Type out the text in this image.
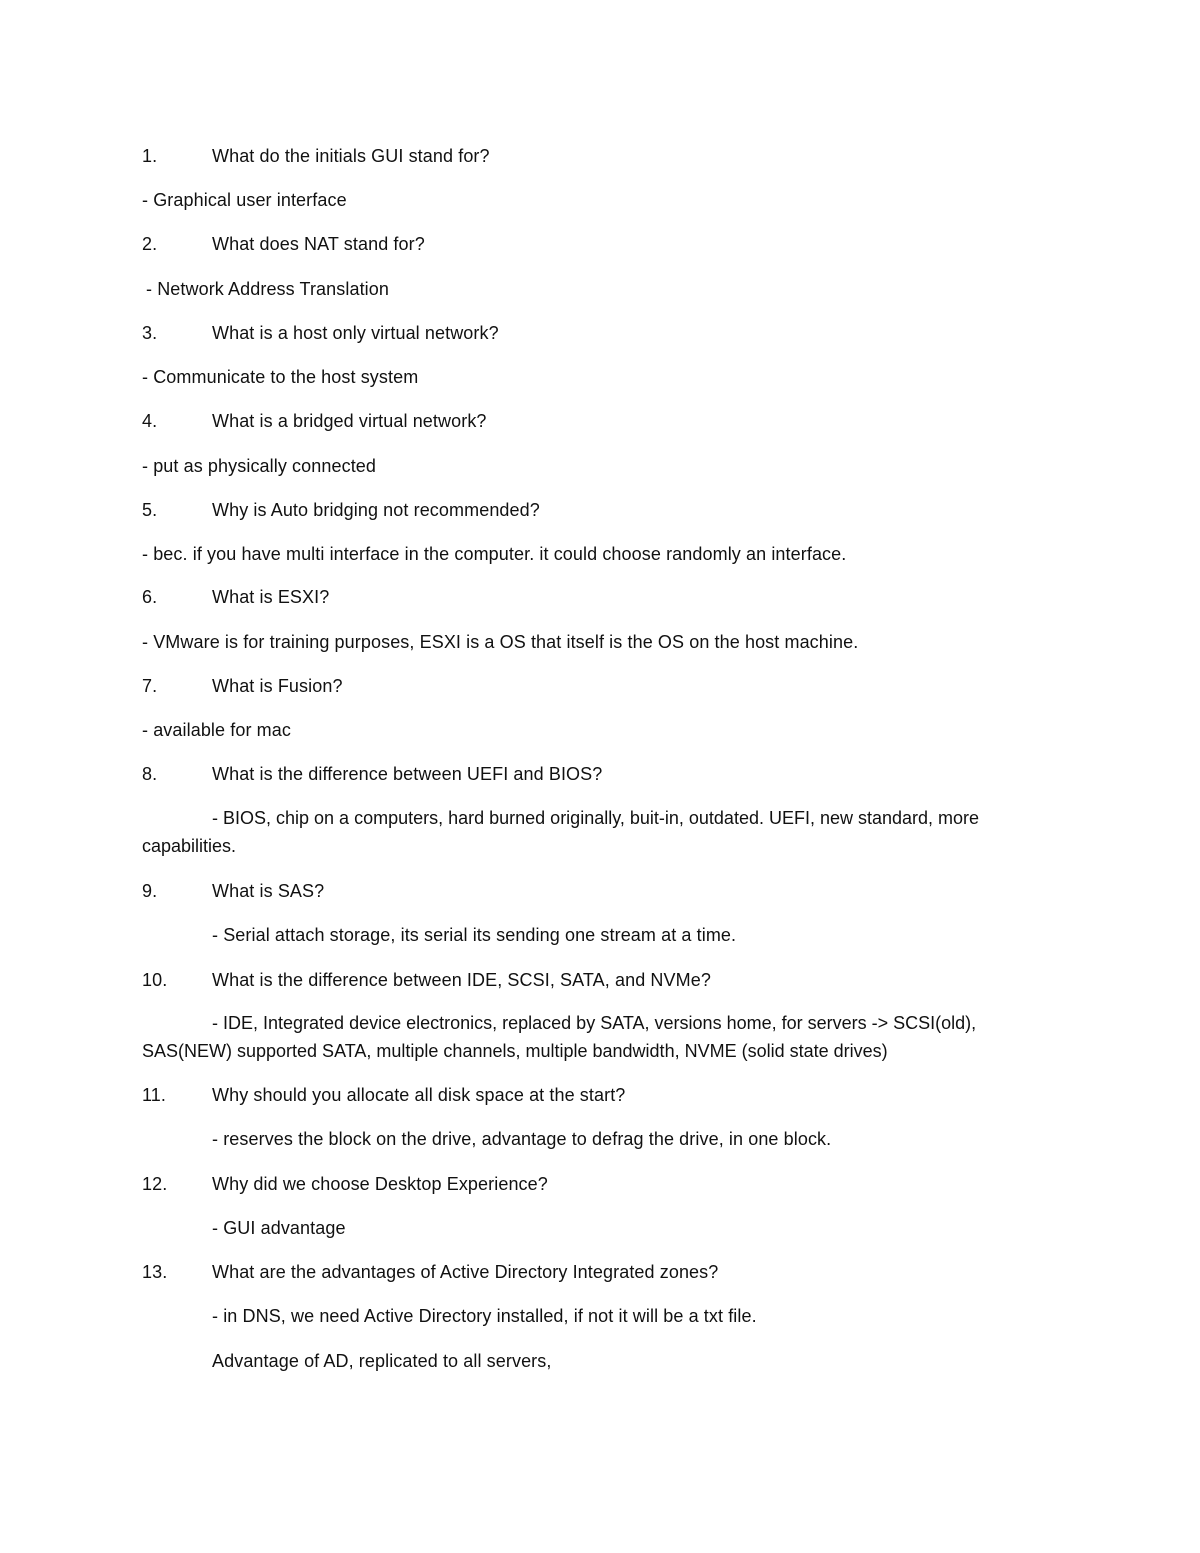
1.	What do the initials GUI stand for?
- Graphical user interface
2.	What does NAT stand for?
- Network Address Translation
3.	What is a host only virtual network?
- Communicate to the host system
4.	What is a bridged virtual network?
- put as physically connected
5.	Why is Auto bridging not recommended?
- bec. if you have multi interface in the computer. it could choose randomly an interface.
6.	What is ESXI?
- VMware is for training purposes, ESXI is a OS that itself is the OS on the host machine.
7.	What is Fusion?
- available for mac
8.	What is the difference between UEFI and BIOS?
- BIOS, chip on a computers, hard burned originally, buit-in, outdated. UEFI, new standard, more capabilities.
9.	What is SAS?
- Serial attach storage, its serial its sending one stream at a time.
10. What is the difference between IDE, SCSI, SATA, and NVMe?
- IDE, Integrated device electronics, replaced by SATA, versions home, for servers -> SCSI(old), SAS(NEW) supported SATA, multiple channels, multiple bandwidth, NVME (solid state drives)
11.	Why should you allocate all disk space at the start?
- reserves the block on the drive, advantage to defrag the drive, in one block.
12. Why did we choose Desktop Experience?
- GUI advantage
13. What are the advantages of Active Directory Integrated zones?
- in DNS, we need Active Directory installed, if not it will be a txt file.
Advantage of AD, replicated to all servers,
